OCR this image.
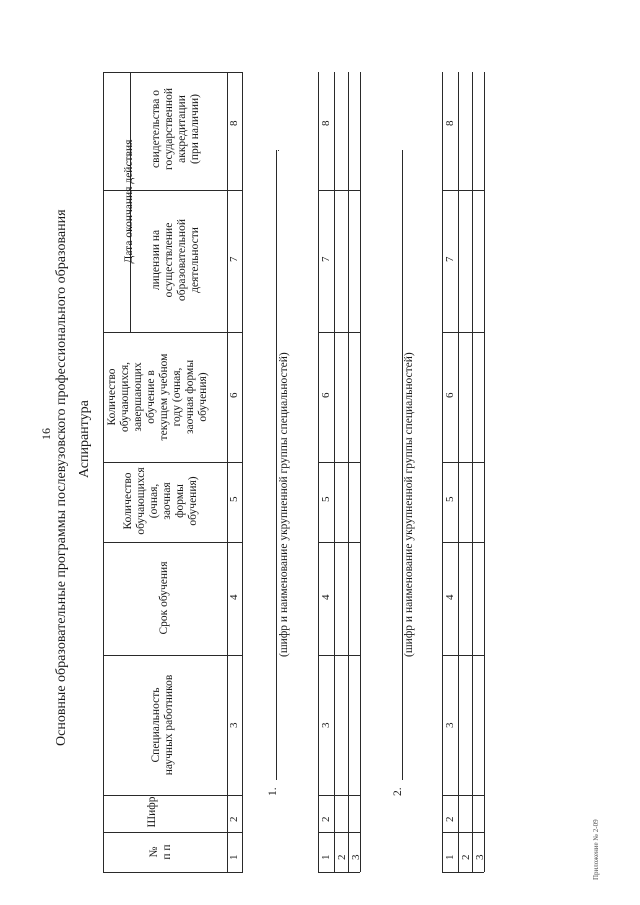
16 Основные образовательные программы послевузовского профессионального образования Аспирантура
Приложение № 2-09
Дата окончания действия
свидетельства о государственной аккредитации (при наличии)
лицензии на осуществление образовательной деятельности
Количество обучающихся, завершающих обучение в текущем учебном году (очная, заочная формы обучения)
Количество обучающихся (очная, заочная формы обучения)
Срок обучения
Специальность научных работников
Шифр
№ п п
8
7
6
5
4
3
2
1
1.
(шифр и наименование укрупненной группы специальностей)
8
7
6
5
4
3
2
1 2 3
2.
(шифр и наименование укрупненной группы специальностей)
8
7
6
5
4
3
2
1 2 3
